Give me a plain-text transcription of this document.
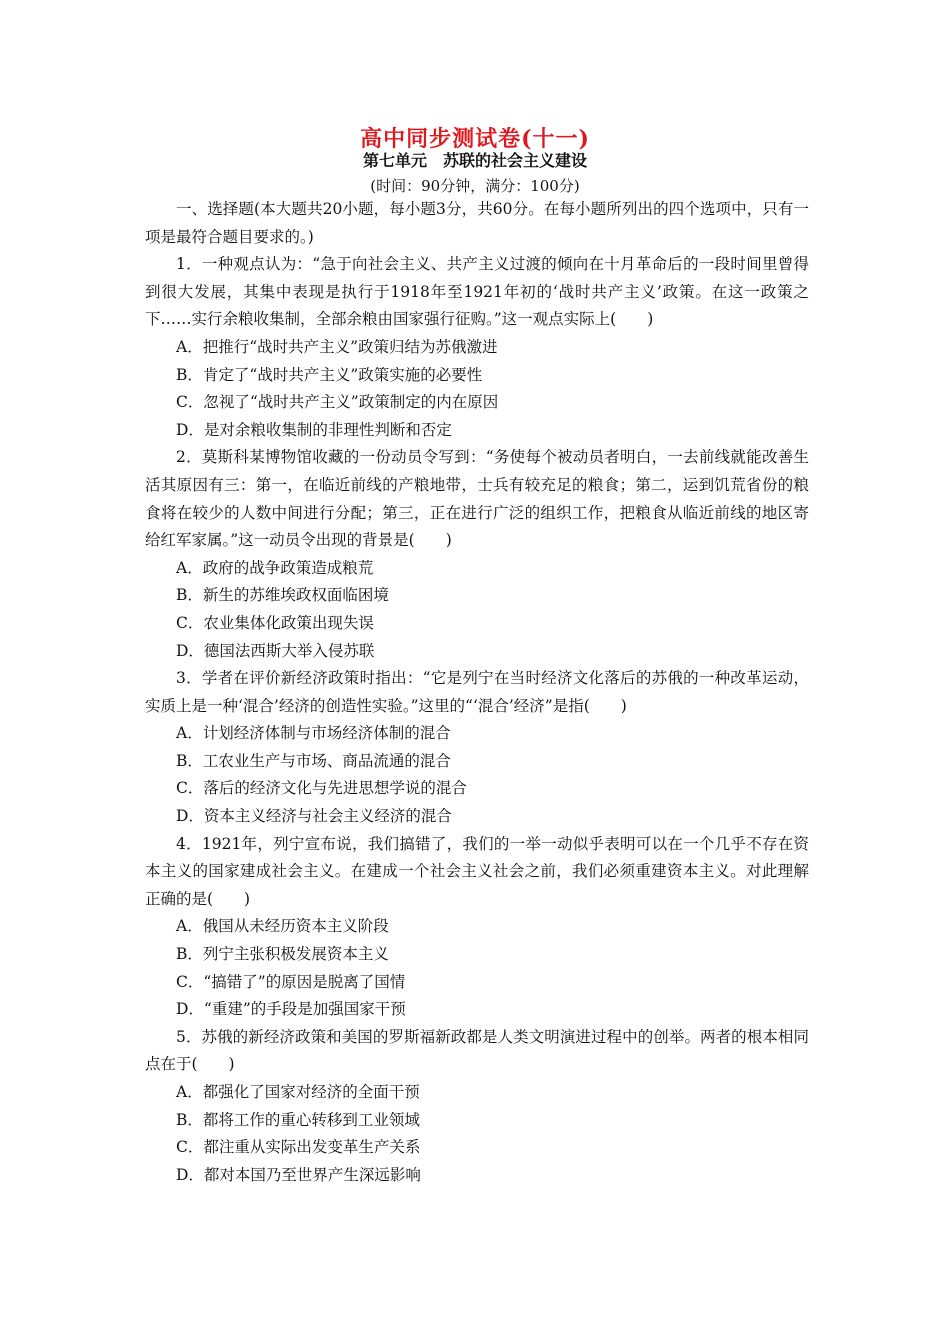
高中同步测试卷(十一)
第七单元　苏联的社会主义建设
(时间：90分钟，满分：100分)

一、选择题(本大题共20小题，每小题3分，共60分。在每小题所列出的四个选项中，只有一项是最符合题目要求的。)

1．一种观点认为：“急于向社会主义、共产主义过渡的倾向在十月革命后的一段时间里曾得到很大发展，其集中表现是执行于1918年至1921年初的‘战时共产主义’政策。在这一政策之下……实行余粮收集制，全部余粮由国家强行征购。”这一观点实际上(　　)

A．把推行“战时共产主义”政策归结为苏俄激进

B．肯定了“战时共产主义”政策实施的必要性

C．忽视了“战时共产主义”政策制定的内在原因

D．是对余粮收集制的非理性判断和否定

2．莫斯科某博物馆收藏的一份动员令写到：“务使每个被动员者明白，一去前线就能改善生活其原因有三：第一，在临近前线的产粮地带，士兵有较充足的粮食；第二，运到饥荒省份的粮食将在较少的人数中间进行分配；第三，正在进行广泛的组织工作，把粮食从临近前线的地区寄给红军家属。”这一动员令出现的背景是(　　)

A．政府的战争政策造成粮荒

B．新生的苏维埃政权面临困境

C．农业集体化政策出现失误

D．德国法西斯大举入侵苏联

3．学者在评价新经济政策时指出：“它是列宁在当时经济文化落后的苏俄的一种改革运动，实质上是一种‘混合’经济的创造性实验。”这里的“‘混合’经济”是指(　　)

A．计划经济体制与市场经济体制的混合

B．工农业生产与市场、商品流通的混合

C．落后的经济文化与先进思想学说的混合

D．资本主义经济与社会主义经济的混合

4．1921年，列宁宣布说，我们搞错了，我们的一举一动似乎表明可以在一个几乎不存在资本主义的国家建成社会主义。在建成一个社会主义社会之前，我们必须重建资本主义。对此理解正确的是(　　)

A．俄国从未经历资本主义阶段

B．列宁主张积极发展资本主义

C．“搞错了”的原因是脱离了国情

D．“重建”的手段是加强国家干预

5．苏俄的新经济政策和美国的罗斯福新政都是人类文明演进过程中的创举。两者的根本相同点在于(　　)

A．都强化了国家对经济的全面干预

B．都将工作的重心转移到工业领域

C．都注重从实际出发变革生产关系

D．都对本国乃至世界产生深远影响
